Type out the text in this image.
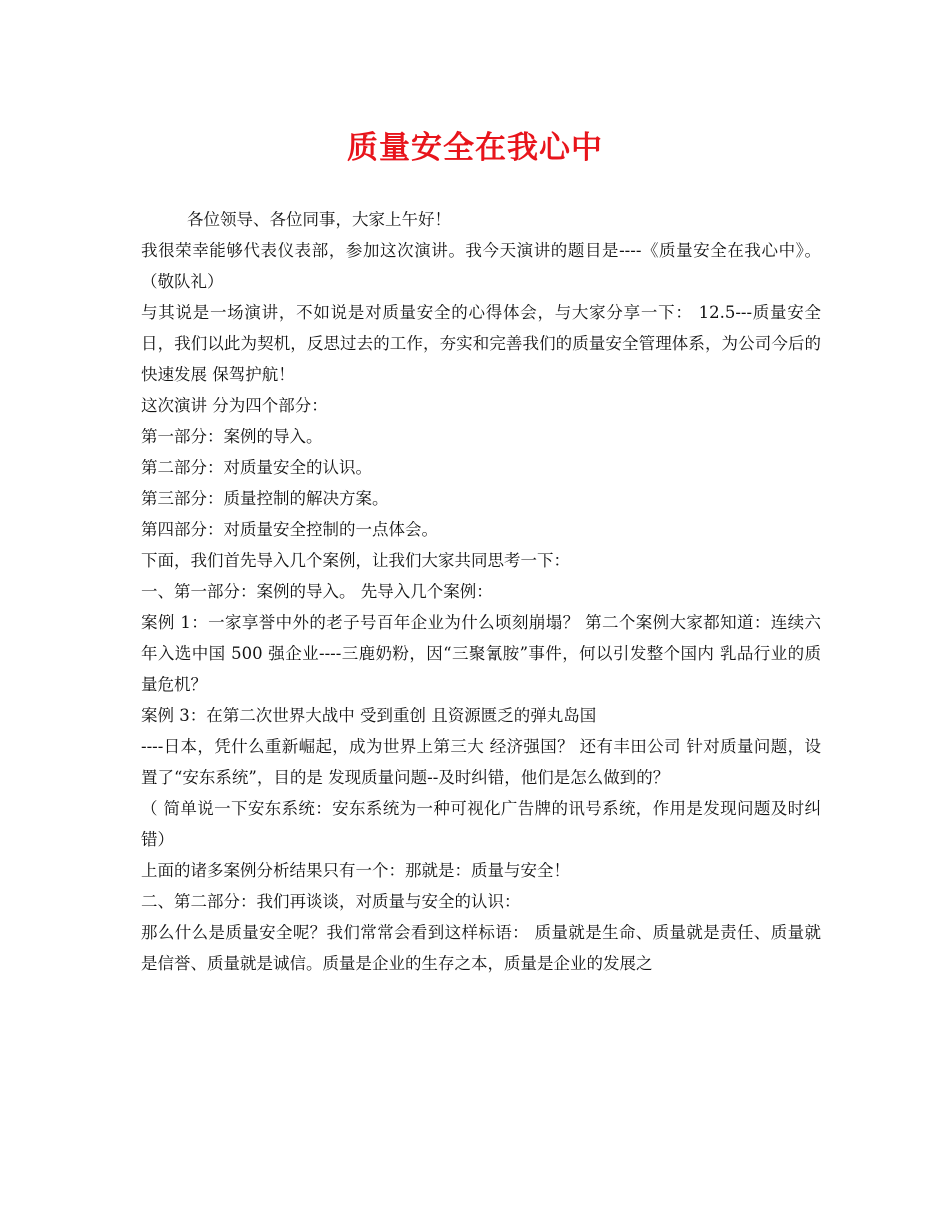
质量安全在我心中

各位领导、各位同事，大家上午好！

我很荣幸能够代表仪表部，参加这次演讲。我今天演讲的题目是----《质量安全在我心中》。（敬队礼）

与其说是一场演讲，不如说是对质量安全的心得体会，与大家分享一下： 12.5---质量安全日，我们以此为契机，反思过去的工作，夯实和完善我们的质量安全管理体系，为公司今后的快速发展 保驾护航！

这次演讲 分为四个部分：

第一部分：案例的导入。

第二部分：对质量安全的认识。

第三部分：质量控制的解决方案。

第四部分：对质量安全控制的一点体会。

下面，我们首先导入几个案例，让我们大家共同思考一下：

一、第一部分：案例的导入。 先导入几个案例：

案例 1：一家享誉中外的老子号百年企业为什么顷刻崩塌？ 第二个案例大家都知道：连续六年入选中国 500 强企业----三鹿奶粉，因“三聚氰胺”事件，何以引发整个国内 乳品行业的质量危机？

案例 3：在第二次世界大战中 受到重创 且资源匮乏的弹丸岛国

----日本，凭什么重新崛起，成为世界上第三大 经济强国？ 还有丰田公司 针对质量问题，设置了“安东系统”，目的是 发现质量问题--及时纠错，他们是怎么做到的？

（ 简单说一下安东系统：安东系统为一种可视化广告牌的讯号系统，作用是发现问题及时纠错）

上面的诸多案例分析结果只有一个：那就是：质量与安全！

二、第二部分：我们再谈谈，对质量与安全的认识：

那么什么是质量安全呢？我们常常会看到这样标语： 质量就是生命、质量就是责任、质量就是信誉、质量就是诚信。质量是企业的生存之本，质量是企业的发展之
